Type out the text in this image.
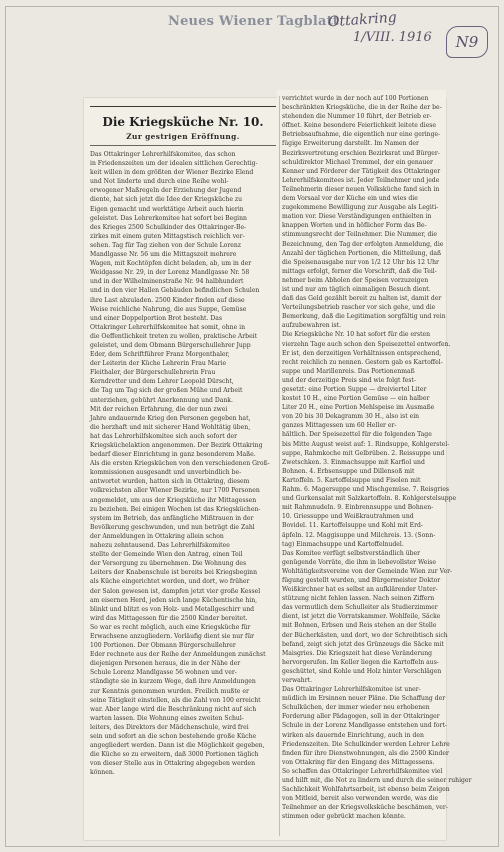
Neues Wiener Tagblatt
Ottakring
1/VIII. 1916	N9
Die Kriegsküche Nr. 10.
Zur gestrigen Eröffnung.
Das Ottakringer Lehrerhilfskomitee, das schon
in Friedenszeiten um der idealen sittlichen Gerechtig-
keit willen in dem größten der Wiener Bezirke Elend
und Not linderte und durch eine Reihe wohl-
erwogener Maßregeln der Erziehung der Jugend
diente, hat sich jetzt die Idee der Kriegsküche zu
Eigen gemacht und werktätige Arbeit auch hierin
geleistet. Das Lehrerkomitee hat sofort bei Beginn
des Krieges 2500 Schulkinder des Ottakringer-Be-
zirkes mit einem guten Mittagstisch reichlich ver-
sehen. Tag für Tag ziehen von der Schule Lorenz
Mandlgasse Nr. 56 um die Mittagszeit mehrere
Wagen, mit Kochtöpfen dicht beladen, ab, um in der
Weidgasse Nr. 29, in der Lorenz Mandlgasse Nr. 58
und in der Wilhelminenstraße Nr. 94 halbhundert
und in den vier Hallen Gebäuden befindlichen Schulen
ihre Last abzuladen. 2500 Kinder finden auf diese
Weise reichliche Nahrung, die aus Suppe, Gemüse
und einer Doppelportion Brot besteht. Das
Ottakringer Lehrerhilfskomitee hat somit, ohne in
die Oeffentlichkeit treten zu wollen, praktische Arbeit
geleistet, und dem Obmann Bürgerschullehrer Jupp
Eder, dem Schriftführer Franz Morgenthaler,
der Leiterin der Küche Lehrerin Frau Marie
Fleithaler, der Bürgerschullehrerin Frau
Kerndretter und dem Lehrer Leopold Dürscht,
die Tag um Tag sich der großen Mühe und Arbeit
unterziehen, gebührt Anerkennung und Dank.
Mit der reichen Erfahrung, die der nun zwei
Jahre andauernde Krieg den Personen gegeben hat,
die herzhaft und mit sicherer Hand Wohltätig üben,
hat das Lehrerhilfskomitee sich auch sofort der
Kriegsküchelaktion angenommen. Der Bezirk Ottakring
bedarf dieser Einrichtung in ganz besonderem Maße.
Als die ersten Kriegsküchen von den verschiedenen Groß-
kommissionen ausgesandt und unverbindlich be-
antwortet wurden, hatten sich in Ottakring, diesem
volkreichsten aller Wiener Bezirke, nur 1700 Personen
angemeldet, um aus der Kriegsküche ihr Mittagessen
zu beziehen. Bei einigen Wochen ist das Kriegsküchen-
system im Betrieb, das anfängliche Mißtrauen in der
Bevölkerung geschwunden, und nun beträgt die Zahl
der Anmeldungen in Ottakring allein schon
nahezu zehntausend. Das Lehrerhilfskomitee
stellte der Gemeinde Wien den Antrag, einen Teil
der Versorgung zu übernehmen. Die Wohnung des
Leiters der Knabenschule ist bereits bei Kriegsbeginn
als Küche eingerichtet worden, und dort, wo früher
der Salon gewesen ist, dampfen jetzt vier große Kessel
am eisernen Herd, jeden sich lange Küchentische hin,
blinkt und blitzt es von Holz- und Metallgeschirr und
wird das Mittagessen für die 2500 Kinder bereitet.
So war es recht möglich, auch eine Kriegsküche für
Erwachsene anzugliedern. Vorläufig dient sie nur für
100 Portionen. Der Obmann Bürgerschullehrer
Eder rechnete aus der Reihe der Anmeldungen zunächst
diejenigen Personen heraus, die in der Nähe der
Schule Lorenz Mandlgasse 56 wohnen und ver-
ständigte sie in kurzem Wege, daß ihre Anmeldungen
zur Kenntnis genommen wurden. Freilich mußte er
seine Tätigkeit einstellen, als die Zahl von 100 erreicht
war. Aber lange wird die Beschränkung nicht auf sich
warten lassen. Die Wohnung eines zweiten Schul-
leiters, des Direktors der Mädchenschule, wird frei
sein und sofort an die schon bestehende große Küche
angegliedert werden. Dann ist die Möglichkeit gegeben,
die Küche so zu erweitern, daß 3000 Portionen täglich
von dieser Stelle aus in Ottakring abgegeben werden
können.
verrichtet wurde in der noch auf 100 Portionen
beschränkten Kriegsküche, die in der Reihe der be-
stehenden die Nummer 10 führt, der Betrieb er-
öffnet. Keine besondere Feierlichkeit leitete diese
Betriebsaufnahme, die eigentlich nur eine geringe-
fügige Erweiterung darstellt. Im Namen der
Bezirksvertretung erschien Bezirksrat und Bürger-
schuldirektor Michael Tremmel, der ein genauer
Kenner und Förderer der Tätigkeit des Ottakringer
Lehrerhilfskomitees ist. Jeder Teilnehmer und jede
Teilnehmerin dieser neuen Volksküche fand sich in
dem Vorsaal vor der Küche ein und wies die
zugekommene Bewilligung zur Ausgabe als Legiti-
mation vor. Diese Verständigungen enthielten in
knappen Worten und in höflicher Form das Be-
stimmungsrecht der Teilnehmer. Die Nummer, die
Bezeichnung, den Tag der erfolgten Anmeldung, die
Anzahl der täglichen Portionen, die Mitteilung, daß
die Speisenausgabe nur von 1/2 12 Uhr bis 12 Uhr
mittags erfolgt, ferner die Vorschrift, daß die Teil-
nehmer beim Abholen der Speisen vorzuzeigen
ist und nur am täglich einmaligen Besuch dient.
daß das Geld gezählt bereit zu halten ist, damit der
Verteilungsbetrieb rascher vor sich gehe, und die
Bemerkung, daß die Legitimation sorgfältig und rein
aufzubewahren ist.
Die Kriegsküche Nr. 10 hat sofort für die ersten
vierzehn Tage auch schon den Speisezettel entworfen.
Er ist, den derzeitigen Verhältnissen entsprechend,
recht reichlich zu nennen. Gestern gab es Kartoffel-
suppe und Marillenreis. Das Portionenmaß
und der derzeitige Preis sind wie folgt fest-
gesetzt: eine Portion Suppe — dreiviertel Liter
kostet 10 H., eine Portion Gemüse — ein halber
Liter 20 H., eine Portion Mehlspeise im Ausmaße
von 20 bis 30 Dekagramm 30 H., also ist ein
ganzes Mittagessen um 60 Heller er-
hältlich. Der Speisezettel für die folgenden Tage
bis Mitte August weist auf: 1. Rindsuppe, Kohlgerstel-
suppe, Rahmkoche mit Gelbrüben. 2. Reissuppe und
Zwetschken. 3. Einmachsuppe mit Karfiol und
Bohnen. 4. Erbsensuppe und Dillensoß mit
Kartoffeln. 5. Kartoffelsuppe und Fisolen mit
Rahm. 6. Magersuppe und Mischgemüse. 7. Reisgries
und Gurkensalat mit Salzkartoffeln. 8. Kohlgerstelsuppe
mit Rahmnudeln. 9. Einbrennsuppe und Bohnen-
10. Griessuppe und Weißkrautrahmen und
Bovidel. 11. Kartoffelsuppe und Kohl mit Erd-
äpfeln. 12. Maggisuppe und Milchreis. 13. (Sonn-
tag) Einmachsuppe und Kartoffelnudel.
Das Komitee verfügt selbstverständlich über
genügende Vorräte, die ihm in liebevollster Weise
Wohltätigkeitsvereine von der Gemeinde Wien zur Ver-
fügung gestellt wurden, und Bürgermeister Doktor
Weißkirchner hat es selbst an aufklärender Unter-
stützung nicht fehlen lassen. Nach seinen Ziffern
das vermutlich dem Schulleiter als Studierzimmer
dient, ist jetzt die Vorratskammer. Wohlfeile, Säcke
mit Bohnen, Erbsen und Reis stehen an der Stelle
der Bücherkästen, und dort, wo der Schreibtisch sich
befand, zeigt sich jetzt des Grünzeugs die Säcke mit
Maisgries. Die Kriegszeit hat diese Veränderung
hervorgerufen. Im Keller liegen die Kartoffeln aus-
geschüttet, sind Kohle und Holz hinter Verschlägen
verwahrt.
Das Ottakringer Lehrerhilfskomitee ist uner-
müdlich im Ersinnen neuer Pläne. Die Schaffung der
Schulküchen, der immer wieder neu erhobenen
Forderung aller Pädagogen, soll in der Ottakringer
Schule in der Lorenz Mandlgasse entstehen und fort-
wirken als dauernde Einrichtung, auch in den
Friedenszeiten. Die Schulkinder werden Lehrer Lehre
finden für ihre Dienstwohnungen, als die 2500 Kinder
von Ottakring für den Eingang des Mittagessens.
So schaffen das Ottakringer Lehrerhilfskomitee viel
und hilft mit, die Not zu lindern und durch die seiner ruhiger
Sachlichkeit Wohlfahrtsarbeit, ist ebenso beim Zeigen
von Mitleid, bereit also verwenden werde, was die
Teilnehmer an der Kriegsvolksküche beschämen, ver-
stimmen oder gebrückt machen könnte.
